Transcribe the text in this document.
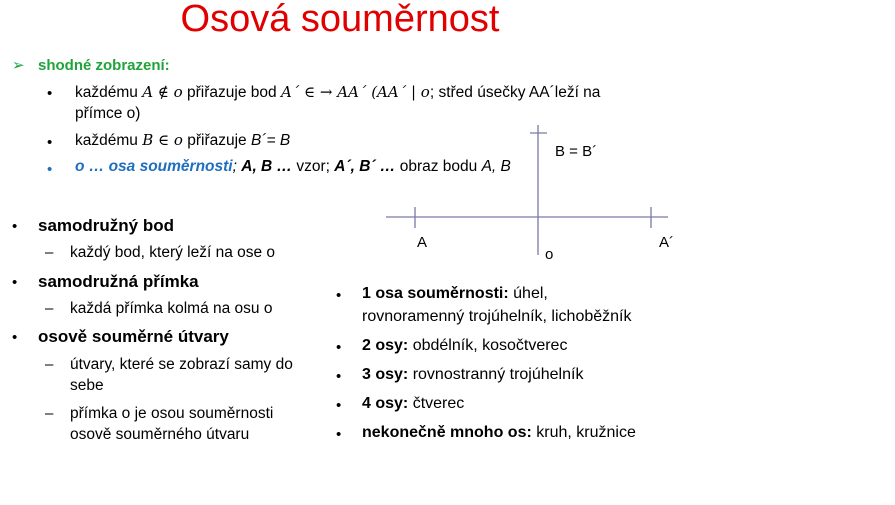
Osová souměrnost
➢ shodné zobrazení:
• každému A ∉ o přiřazuje bod A´ ∈ → AA´ (AA´ | o; střed úsečky AA´leží na
přímce o)
• každému B ∈ o přiřazuje B´= B
• o … osa souměrnosti; A, B … vzor; A´, B´ … obraz bodu A, B
• samodružný bod
– každý bod, který leží na ose o
• samodružná přímka
– každá přímka kolmá na osu o
• osově souměrné útvary
– útvary, které se zobrazí samy do
sebe
– přímka o je osou souměrnosti
osově souměrného útvaru
• 1 osa souměrnosti: úhel,
rovnoramenný trojúhelník, lichoběžník
• 2 osy: obdélník, kosočtverec
• 3 osy: rovnostranný trojúhelník
• 4 osy: čtverec
• nekonečně mnoho os: kruh, kružnice
B = B´
A	A´
o
